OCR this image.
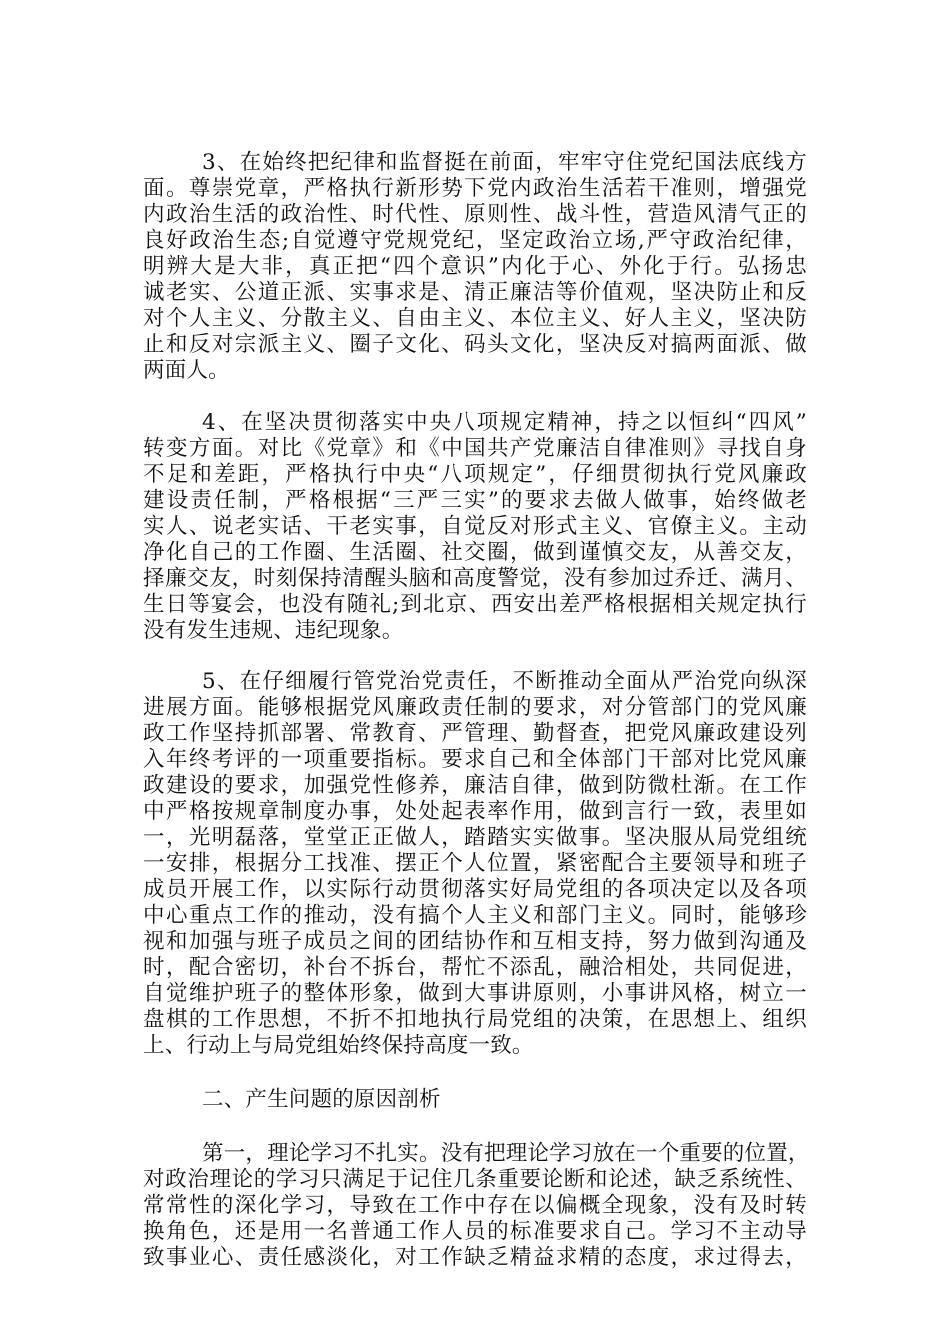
3、在始终把纪律和监督挺在前面，牢牢守住党纪国法底线方
面。尊崇党章，严格执行新形势下党内政治生活若干准则，增强党
内政治生活的政治性、时代性、原则性、战斗性，营造风清气正的
良好政治生态;自觉遵守党规党纪，坚定政治立场,严守政治纪律，
明辨大是大非，真正把“四个意识”内化于心、外化于行。弘扬忠
诚老实、公道正派、实事求是、清正廉洁等价值观，坚决防止和反
对个人主义、分散主义、自由主义、本位主义、好人主义，坚决防
止和反对宗派主义、圈子文化、码头文化，坚决反对搞两面派、做
两面人。
4、在坚决贯彻落实中央八项规定精神，持之以恒纠“四风”
转变方面。对比《党章》和《中国共产党廉洁自律准则》寻找自身
不足和差距，严格执行中央“八项规定”，仔细贯彻执行党风廉政
建设责任制，严格根据“三严三实”的要求去做人做事，始终做老
实人、说老实话、干老实事，自觉反对形式主义、官僚主义。主动
净化自己的工作圈、生活圈、社交圈，做到谨慎交友，从善交友，
择廉交友，时刻保持清醒头脑和高度警觉，没有参加过乔迁、满月、
生日等宴会，也没有随礼;到北京、西安出差严格根据相关规定执行
没有发生违规、违纪现象。
5、在仔细履行管党治党责任，不断推动全面从严治党向纵深
进展方面。能够根据党风廉政责任制的要求，对分管部门的党风廉
政工作坚持抓部署、常教育、严管理、勤督查，把党风廉政建设列
入年终考评的一项重要指标。要求自己和全体部门干部对比党风廉
政建设的要求，加强党性修养，廉洁自律，做到防微杜渐。在工作
中严格按规章制度办事，处处起表率作用，做到言行一致，表里如
一，光明磊落，堂堂正正做人，踏踏实实做事。坚决服从局党组统
一安排，根据分工找准、摆正个人位置，紧密配合主要领导和班子
成员开展工作，以实际行动贯彻落实好局党组的各项决定以及各项
中心重点工作的推动，没有搞个人主义和部门主义。同时，能够珍
视和加强与班子成员之间的团结协作和互相支持，努力做到沟通及
时，配合密切，补台不拆台，帮忙不添乱，融洽相处，共同促进，
自觉维护班子的整体形象，做到大事讲原则，小事讲风格，树立一
盘棋的工作思想，不折不扣地执行局党组的决策，在思想上、组织
上、行动上与局党组始终保持高度一致。
二、产生问题的原因剖析
第一，理论学习不扎实。没有把理论学习放在一个重要的位置，
对政治理论的学习只满足于记住几条重要论断和论述，缺乏系统性、
常常性的深化学习，导致在工作中存在以偏概全现象，没有及时转
换角色，还是用一名普通工作人员的标准要求自己。学习不主动导
致事业心、责任感淡化，对工作缺乏精益求精的态度，求过得去，
